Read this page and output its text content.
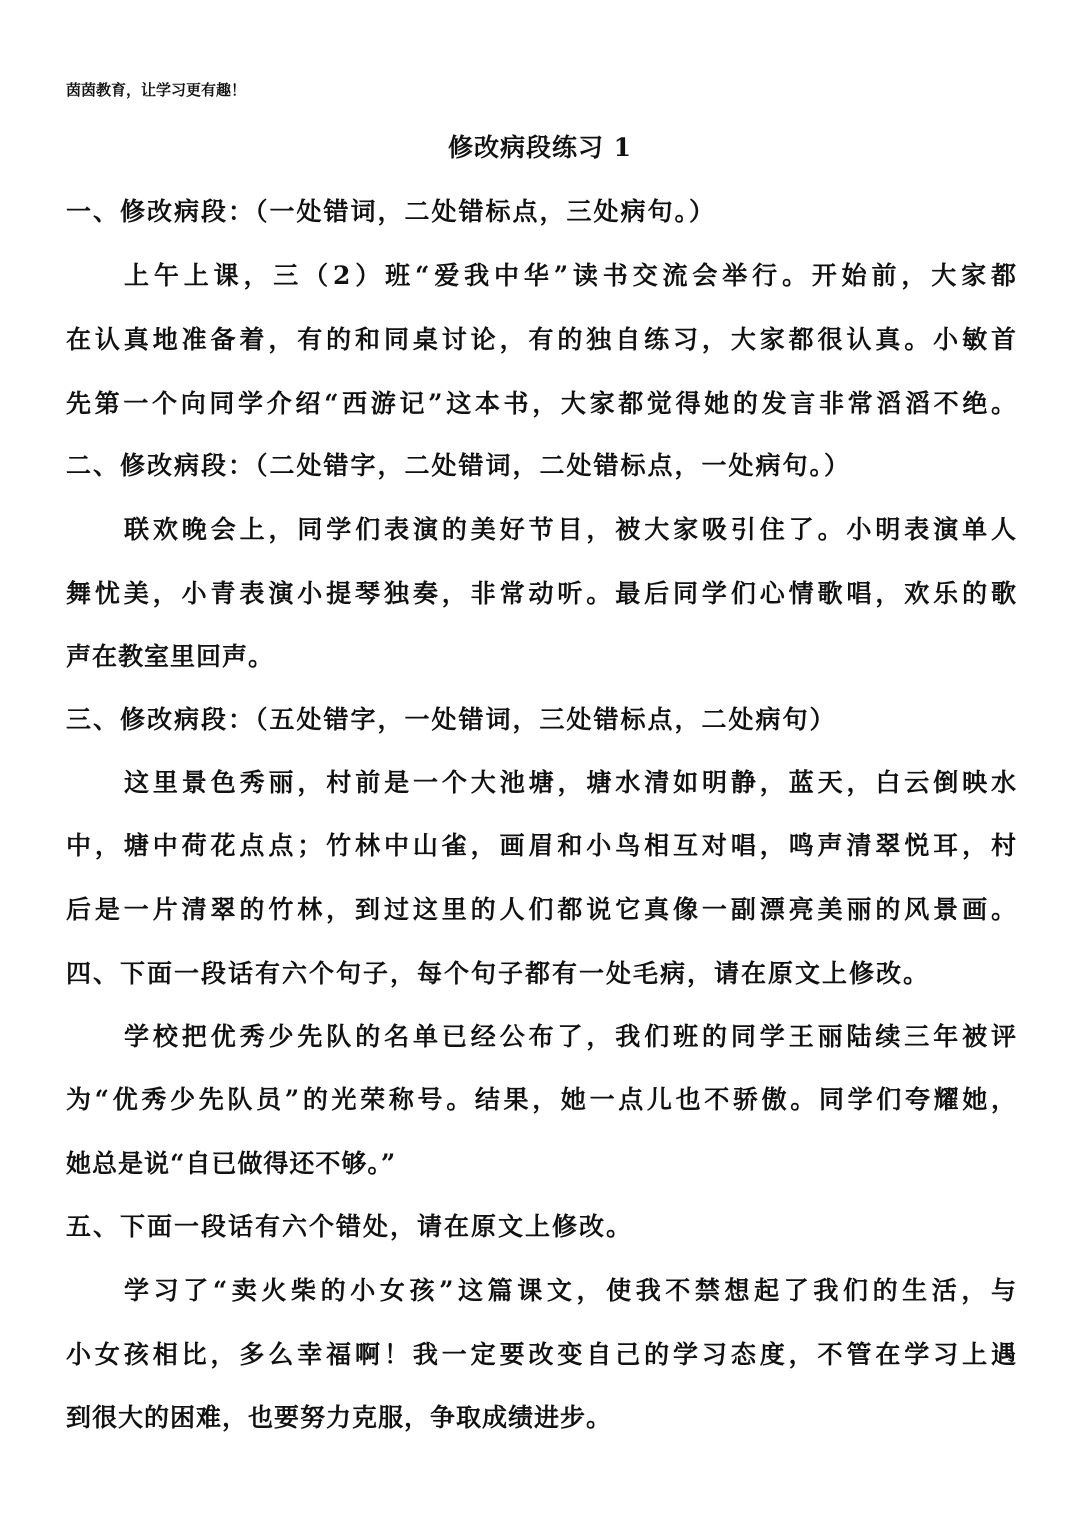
茵茵教育，让学习更有趣！
修改病段练习 1
一、修改病段：（一处错词，二处错标点，三处病句。）
上午上课，三（2）班“爱我中华”读书交流会举行。开始前，大家都
在认真地准备着，有的和同桌讨论，有的独自练习，大家都很认真。小敏首
先第一个向同学介绍“西游记”这本书，大家都觉得她的发言非常滔滔不绝。
二、修改病段：（二处错字，二处错词，二处错标点，一处病句。）
联欢晚会上，同学们表演的美好节目，被大家吸引住了。小明表演单人
舞忧美，小青表演小提琴独奏，非常动听。最后同学们心情歌唱，欢乐的歌
声在教室里回声。
三、修改病段：（五处错字，一处错词，三处错标点，二处病句）
这里景色秀丽，村前是一个大池塘，塘水清如明静，蓝天，白云倒映水
中，塘中荷花点点；竹林中山雀，画眉和小鸟相互对唱，鸣声清翠悦耳，村
后是一片清翠的竹林，到过这里的人们都说它真像一副漂亮美丽的风景画。
四、下面一段话有六个句子，每个句子都有一处毛病，请在原文上修改。
学校把优秀少先队的名单已经公布了，我们班的同学王丽陆续三年被评
为“优秀少先队员”的光荣称号。结果，她一点儿也不骄傲。同学们夸耀她，
她总是说“自已做得还不够。”
五、下面一段话有六个错处，请在原文上修改。
学习了“卖火柴的小女孩”这篇课文，使我不禁想起了我们的生活，与
小女孩相比，多么幸福啊！我一定要改变自己的学习态度，不管在学习上遇
到很大的困难，也要努力克服，争取成绩进步。
